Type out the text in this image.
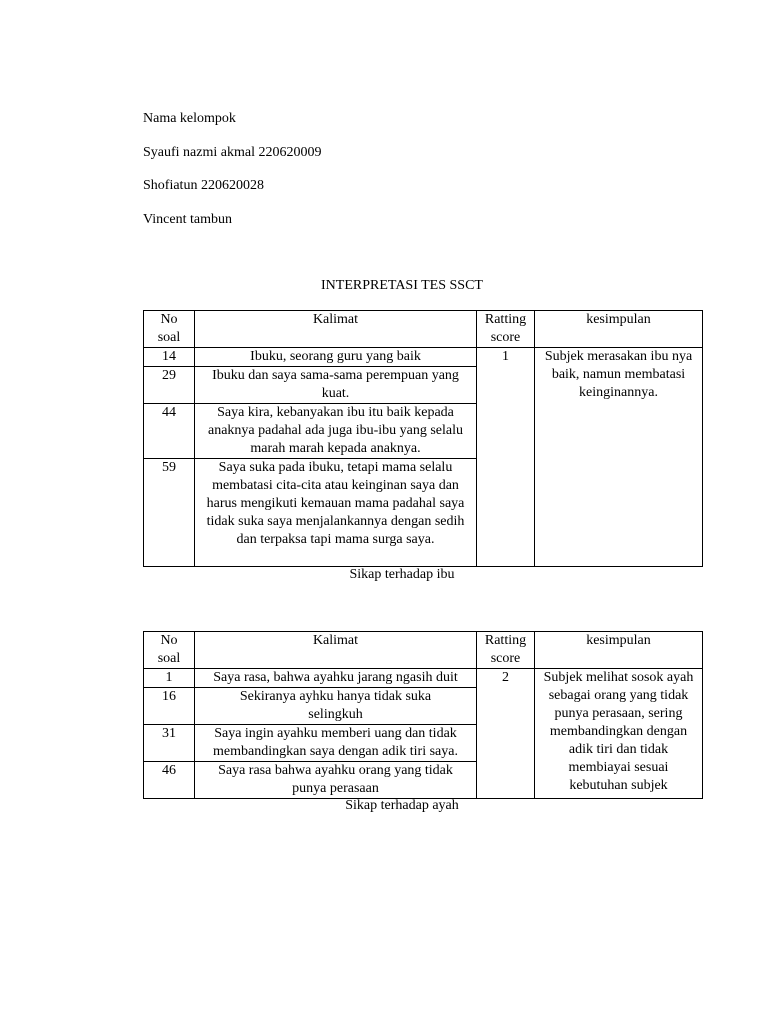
Nama kelompok
Syaufi nazmi akmal 220620009
Shofiatun 220620028
Vincent tambun
INTERPRETASI TES SSCT
No soal	Kalimat	Ratting score	kesimpulan
14	Ibuku, seorang guru yang baik	1	Subjek merasakan ibu nya baik, namun membatasi keinginannya.
29	Ibuku dan saya sama-sama perempuan yang kuat.		
44	Saya kira, kebanyakan ibu itu baik kepada anaknya padahal ada juga ibu-ibu yang selalu marah marah kepada anaknya.		
59	Saya suka pada ibuku, tetapi mama selalu membatasi cita-cita atau keinginan saya dan harus mengikuti kemauan mama padahal saya tidak suka saya menjalankannya dengan sedih dan terpaksa tapi mama surga saya.		
Sikap terhadap ibu
No soal	Kalimat	Ratting score	kesimpulan
1	Saya rasa, bahwa ayahku jarang ngasih duit	2	Subjek melihat sosok ayah sebagai orang yang tidak punya perasaan, sering membandingkan dengan adik tiri dan tidak membiayai sesuai kebutuhan subjek
16	Sekiranya ayhku hanya tidak suka selingkuh		
31	Saya ingin ayahku memberi uang dan tidak membandingkan saya dengan adik tiri saya.		
46	Saya rasa bahwa ayahku orang yang tidak punya perasaan		
Sikap terhadap ayah
